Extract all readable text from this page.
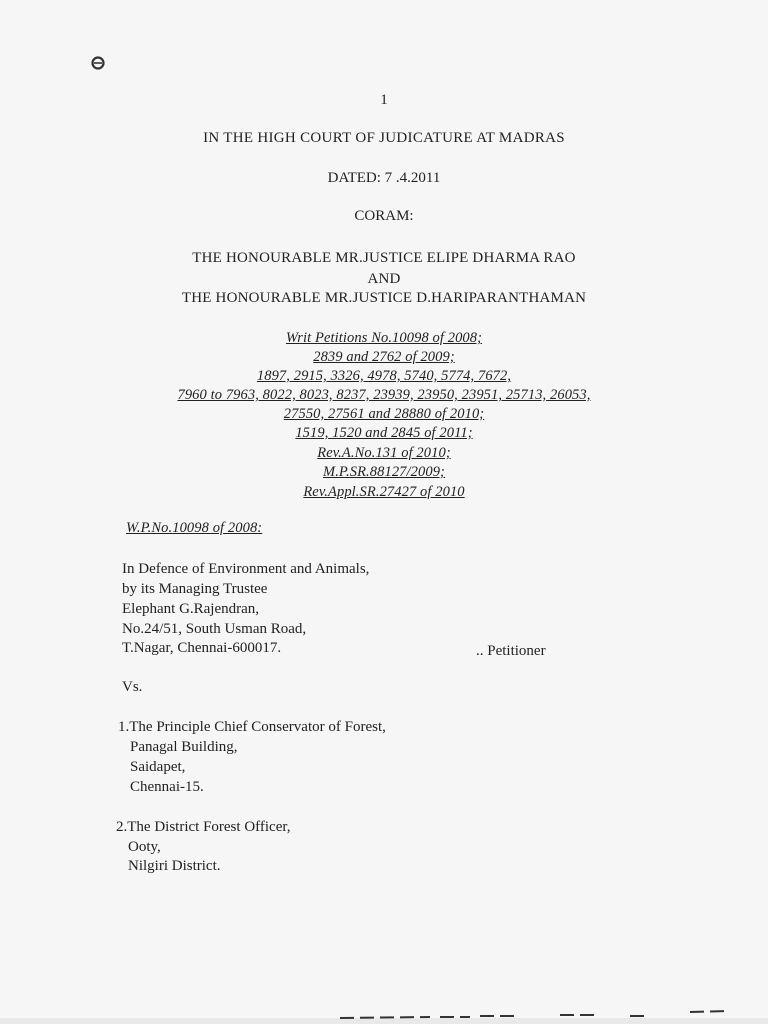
1
IN THE HIGH COURT OF JUDICATURE AT MADRAS
DATED: 7 .4.2011
CORAM:
THE HONOURABLE MR.JUSTICE ELIPE DHARMA RAO
AND
THE HONOURABLE MR.JUSTICE D.HARIPARANTHAMAN
Writ Petitions No.10098 of 2008;
2839 and 2762 of 2009;
1897, 2915, 3326, 4978, 5740, 5774, 7672,
7960 to 7963, 8022, 8023, 8237, 23939, 23950, 23951, 25713, 26053,
27550, 27561 and 28880 of 2010;
1519, 1520 and 2845 of 2011;
Rev.A.No.131 of 2010;
M.P.SR.88127/2009;
Rev.Appl.SR.27427 of 2010
W.P.No.10098 of 2008:
In Defence of Environment and Animals,
by its Managing Trustee
Elephant G.Rajendran,
No.24/51, South Usman Road,
T.Nagar, Chennai-600017.	.. Petitioner
Vs.
1.The Principle Chief Conservator of Forest,
Panagal Building,
Saidapet,
Chennai-15.
2.The District Forest Officer,
Ooty,
Nilgiri District.
